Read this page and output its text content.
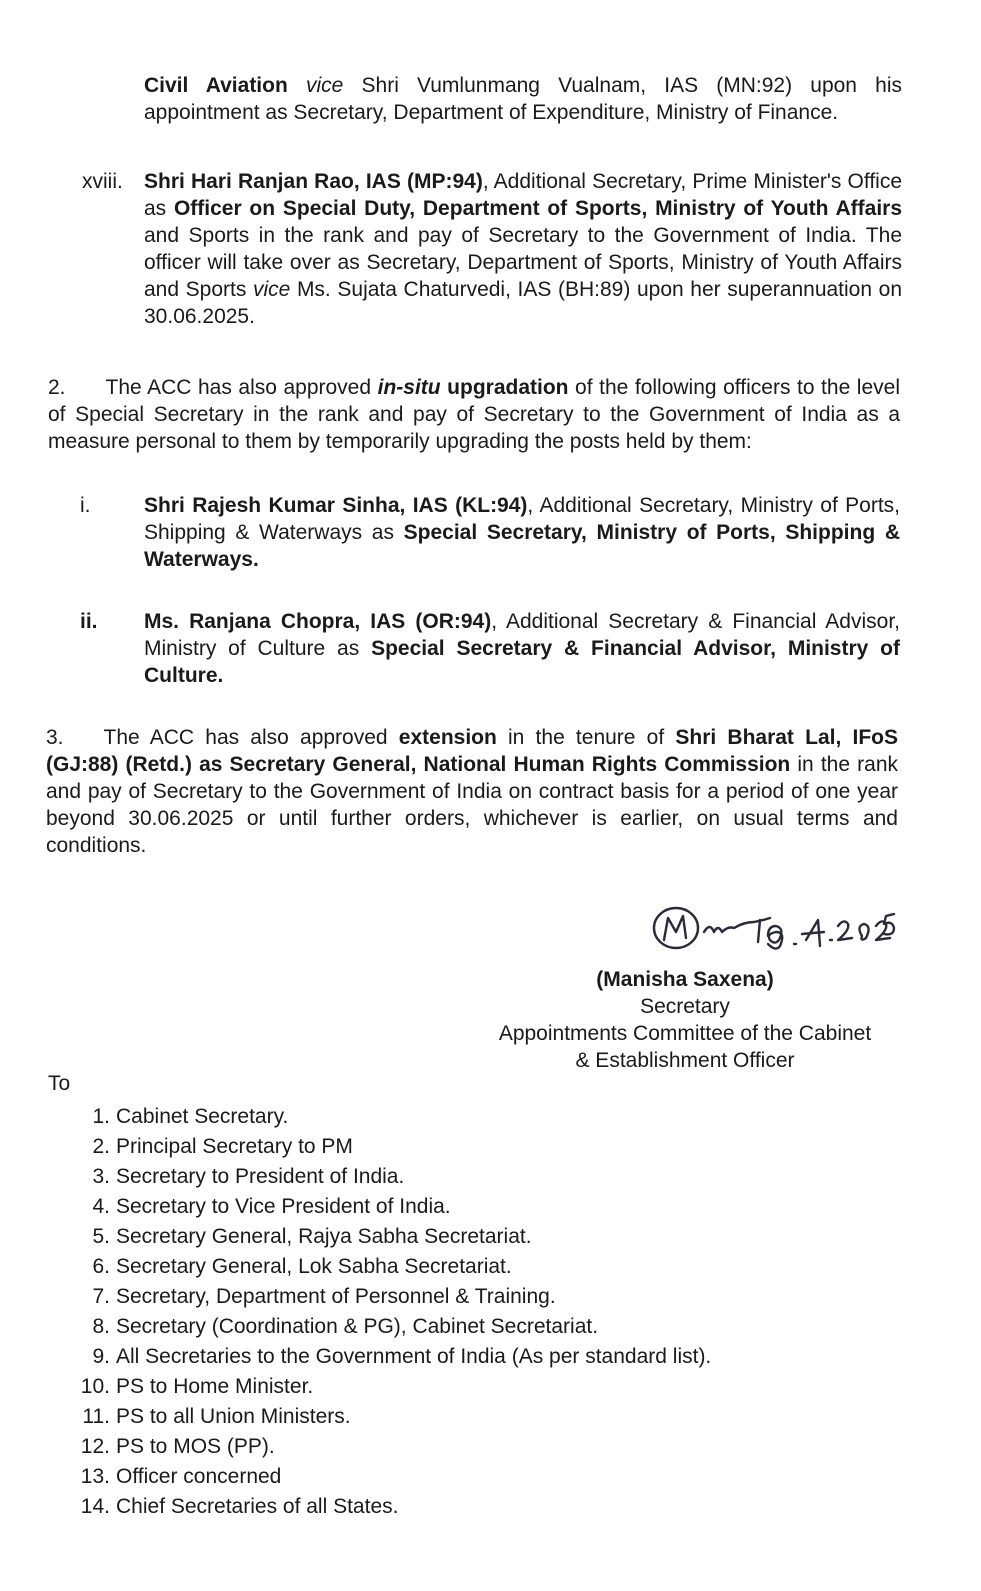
Civil Aviation vice Shri Vumlunmang Vualnam, IAS (MN:92) upon his appointment as Secretary, Department of Expenditure, Ministry of Finance.

xviii. Shri Hari Ranjan Rao, IAS (MP:94), Additional Secretary, Prime Minister's Office as Officer on Special Duty, Department of Sports, Ministry of Youth Affairs and Sports in the rank and pay of Secretary to the Government of India. The officer will take over as Secretary, Department of Sports, Ministry of Youth Affairs and Sports vice Ms. Sujata Chaturvedi, IAS (BH:89) upon her superannuation on 30.06.2025.

2. The ACC has also approved in-situ upgradation of the following officers to the level of Special Secretary in the rank and pay of Secretary to the Government of India as a measure personal to them by temporarily upgrading the posts held by them:

i.	Shri Rajesh Kumar Sinha, IAS (KL:94), Additional Secretary, Ministry of Ports, Shipping & Waterways as Special Secretary, Ministry of Ports, Shipping & Waterways.

ii. Ms. Ranjana Chopra, IAS (OR:94), Additional Secretary & Financial Advisor, Ministry of Culture as Special Secretary & Financial Advisor, Ministry of Culture.

3. The ACC has also approved extension in the tenure of Shri Bharat Lal, IFoS (GJ:88) (Retd.) as Secretary General, National Human Rights Commission in the rank and pay of Secretary to the Government of India on contract basis for a period of one year beyond 30.06.2025 or until further orders, whichever is earlier, on usual terms and conditions.

(Manisha Saxena)

Secretary

Appointments Committee of the Cabinet

& Establishment Officer

To

1. Cabinet Secretary.
2. Principal Secretary to PM
3. Secretary to President of India.
4. Secretary to Vice President of India.
5. Secretary General, Rajya Sabha Secretariat.
6. Secretary General, Lok Sabha Secretariat.
7. Secretary, Department of Personnel & Training.
8. Secretary (Coordination & PG), Cabinet Secretariat.
9. All Secretaries to the Government of India (As per standard list).
10. PS to Home Minister.
11. PS to all Union Ministers.
12. PS to MOS (PP).
13. Officer concerned
14. Chief Secretaries of all States.
